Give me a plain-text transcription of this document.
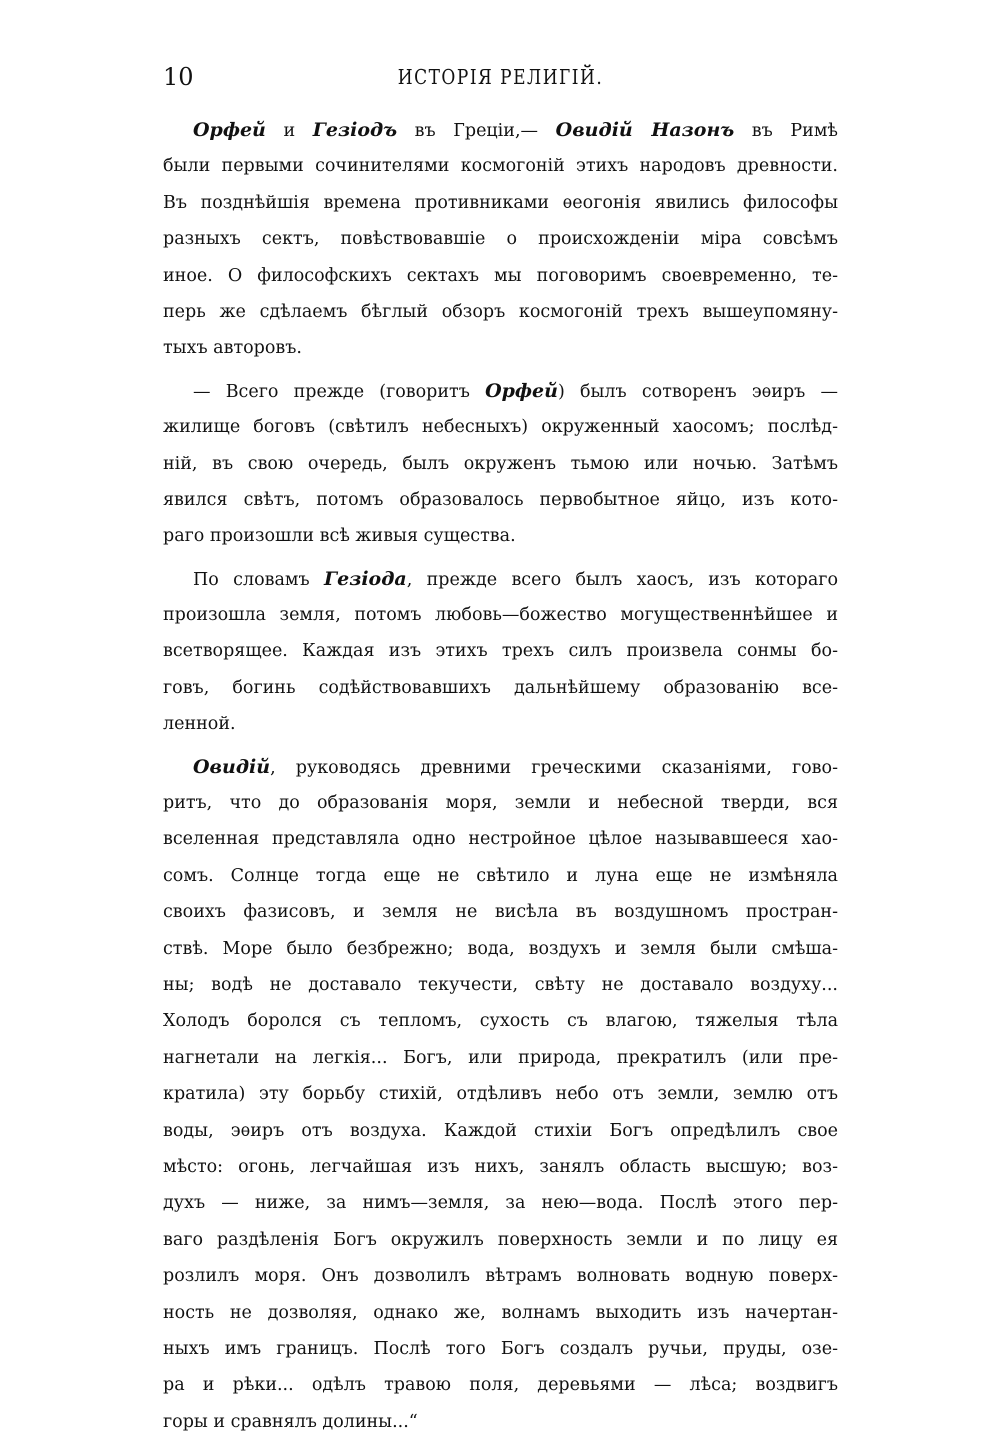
10	ИСТОРІЯ РЕЛИГІЙ.
Орфей и Гезіодъ въ Греціи,— Овидій Назонъ въ Римѣ
были первыми сочинителями космогоній этихъ народовъ древности.
Въ позднѣйшія времена противниками ѳеогонія явились философы
разныхъ сектъ, повѣствовавшіе о происхожденіи міра совсѣмъ
иное. О философскихъ сектахъ мы поговоримъ своевременно, те-
перь же сдѣлаемъ бѣглый обзоръ космогоній трехъ вышеупомяну-
тыхъ авторовъ.
— Всего прежде (говоритъ Орфей) былъ сотворенъ эѳиръ —
жилище боговъ (свѣтилъ небесныхъ) окруженный хаосомъ; послѣд-
ній, въ свою очередь, былъ окруженъ тьмою или ночью. Затѣмъ
явился свѣтъ, потомъ образовалось первобытное яйцо, изъ кото-
раго произошли всѣ живыя существа.
По словамъ Гезіода, прежде всего былъ хаосъ, изъ котораго
произошла земля, потомъ любовь—божество могущественнѣйшее и
всетворящее. Каждая изъ этихъ трехъ силъ произвела сонмы бо-
говъ, богинь содѣйствовавшихъ дальнѣйшему образованію все-
ленной.
Овидій, руководясь древними греческими сказаніями, гово-
ритъ, что до образованія моря, земли и небесной тверди, вся
вселенная представляла одно нестройное цѣлое называвшееся хао-
сомъ. Солнце тогда еще не свѣтило и луна еще не измѣняла
своихъ фазисовъ, и земля не висѣла въ воздушномъ простран-
ствѣ. Море было безбрежно; вода, воздухъ и земля были смѣша-
ны; водѣ не доставало текучести, свѣту не доставало воздуху...
Холодъ боролся съ тепломъ, сухость съ влагою, тяжелыя тѣла
нагнетали на легкія... Богъ, или природа, прекратилъ (или пре-
кратила) эту борьбу стихій, отдѣливъ небо отъ земли, землю отъ
воды, эѳиръ отъ воздуха. Каждой стихіи Богъ опредѣлилъ свое
мѣсто: огонь, легчайшая изъ нихъ, занялъ область высшую; воз-
духъ — ниже, за нимъ—земля, за нею—вода. Послѣ этого пер-
ваго раздѣленія Богъ окружилъ поверхность земли и по лицу ея
розлилъ моря. Онъ дозволилъ вѣтрамъ волновать водную поверх-
ность не дозволяя, однако же, волнамъ выходить изъ начертан-
ныхъ имъ границъ. Послѣ того Богъ создалъ ручьи, пруды, озе-
ра и рѣки... одѣлъ травою поля, деревьями — лѣса; воздвигъ
горы и сравнялъ долины...“
